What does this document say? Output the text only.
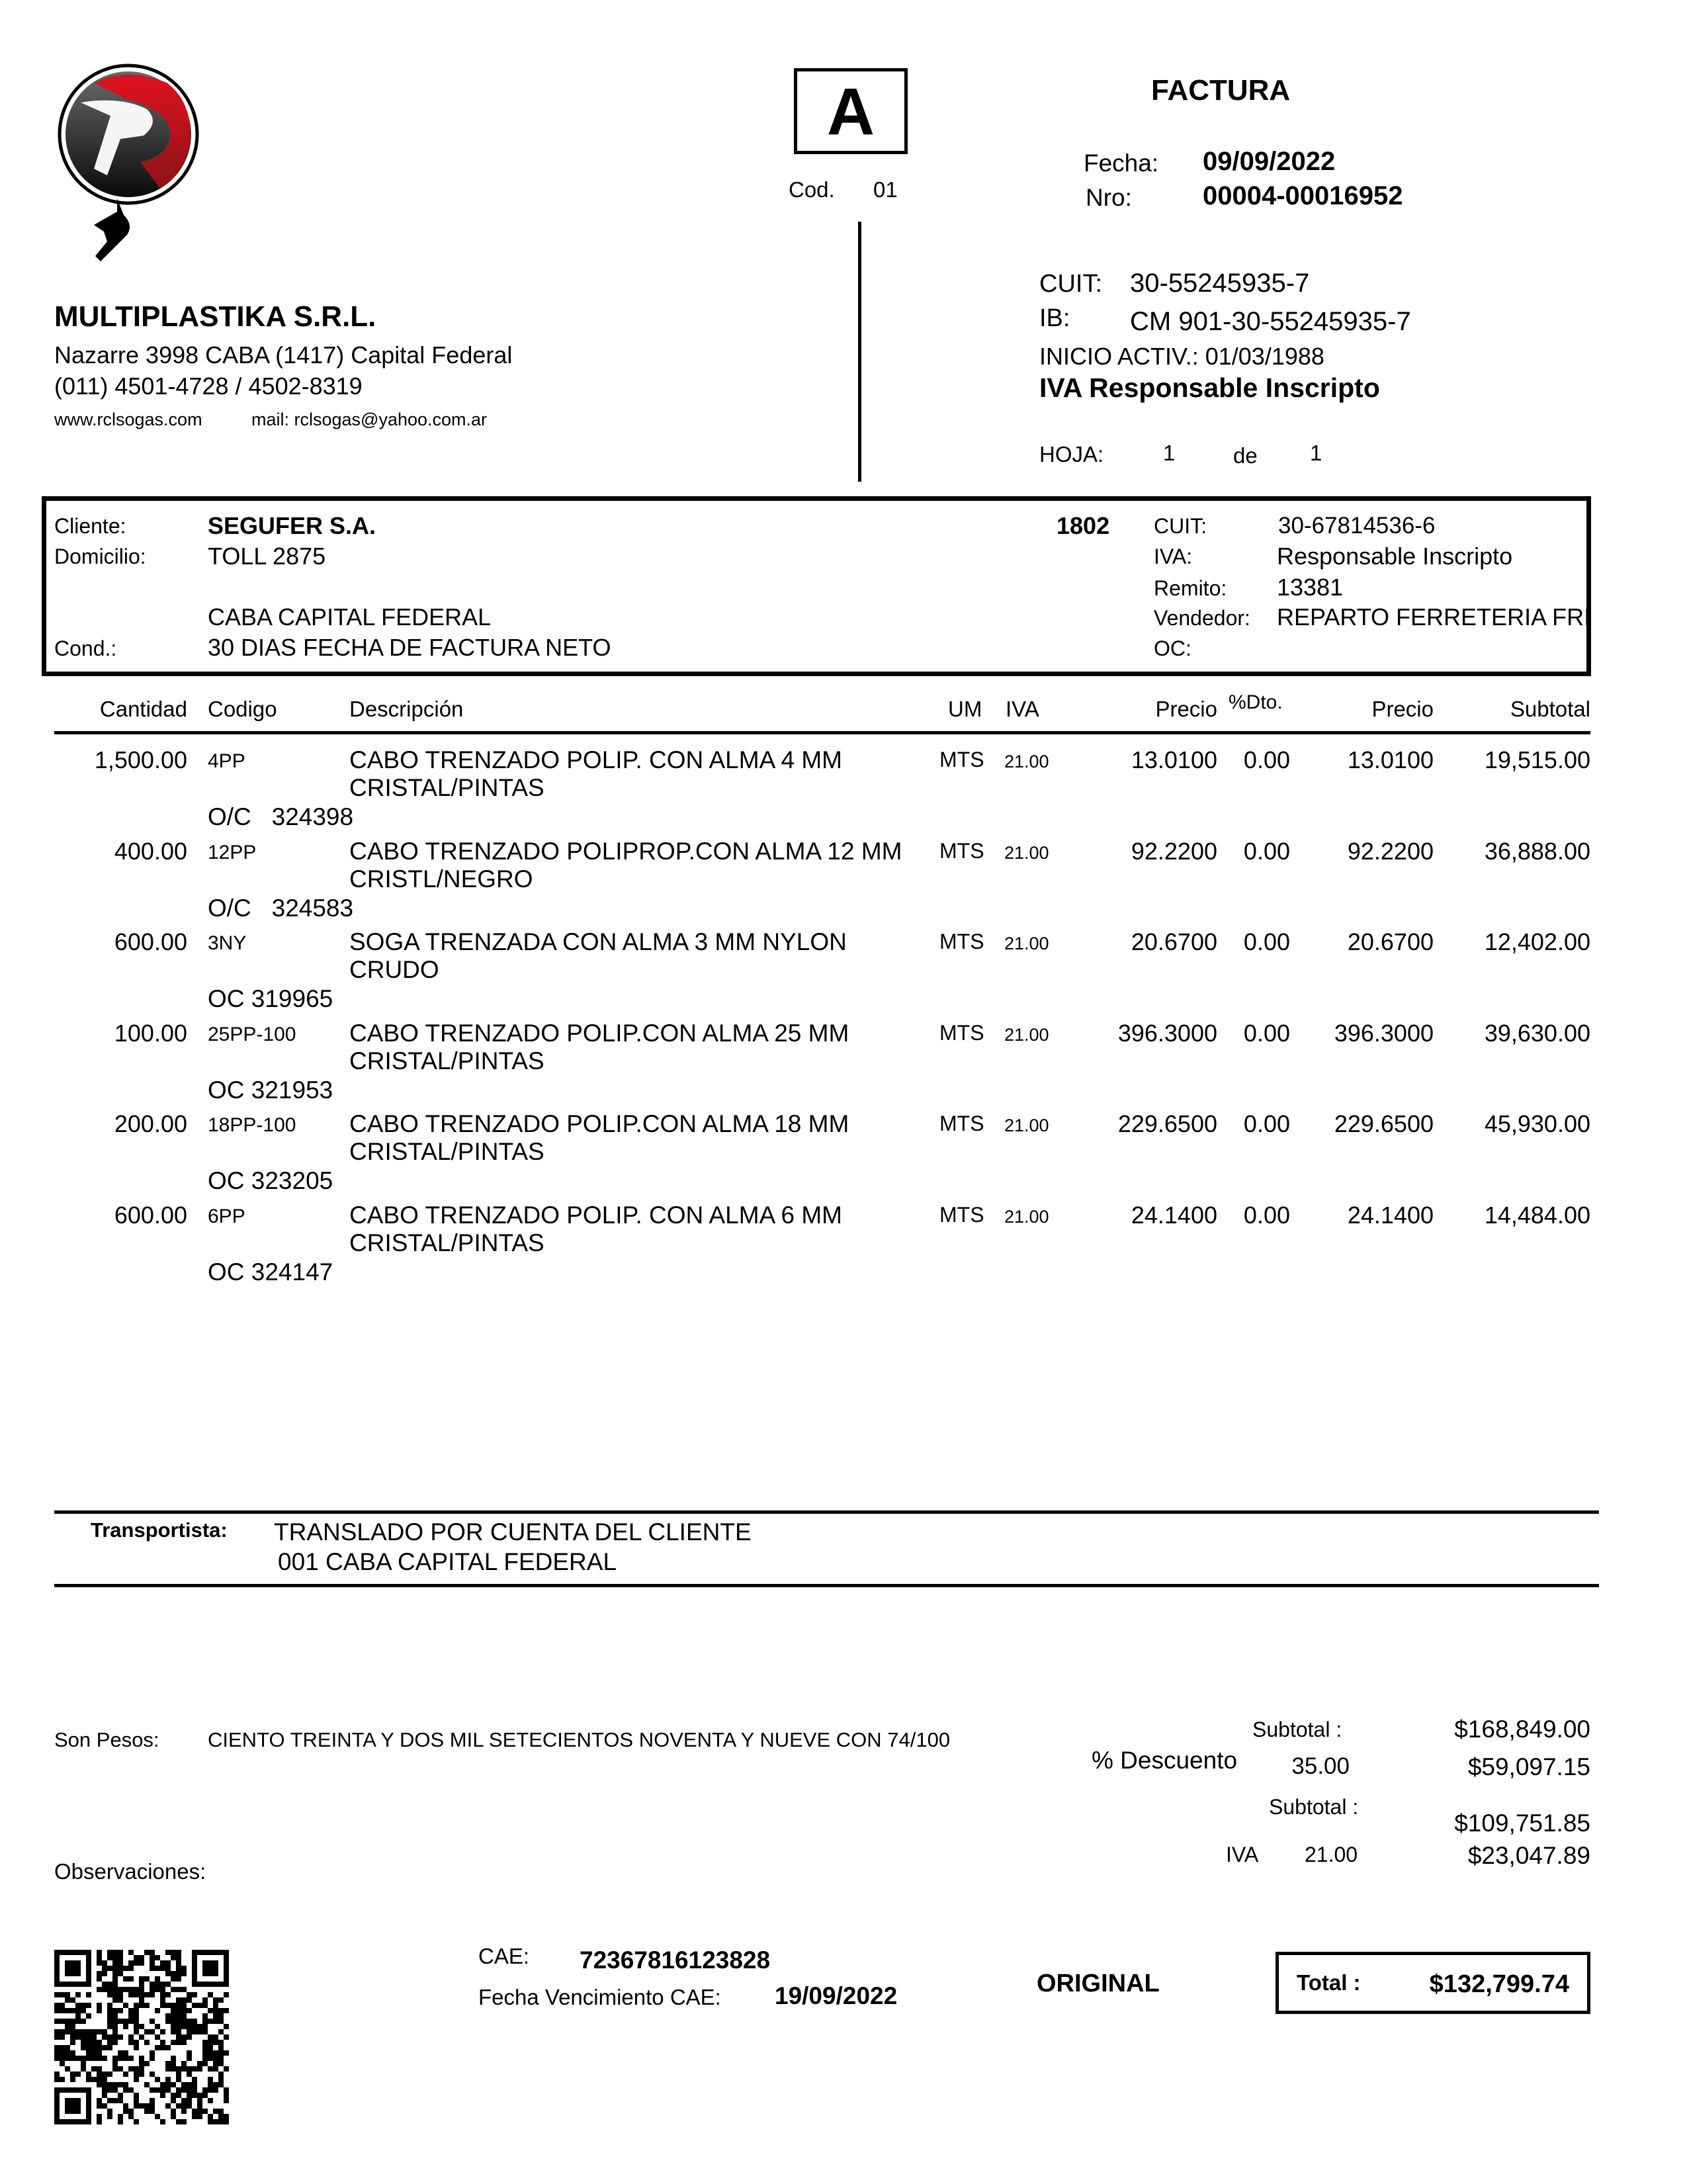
A
Cod. 01
FACTURA
Fecha: 09/09/2022
Nro:	00004-00016952
CUIT: 30-55245935-7
IB: CM 901-30-55245935-7
INICIO ACTIV.: 01/03/1988
IVA Responsable Inscripto
HOJA:	1	de 1
MULTIPLASTIKA S.R.L.
Nazarre 3998 CABA (1417) Capital Federal
(011) 4501-4728 / 4502-8319
www.rclsogas.com	mail: rclsogas@yahoo.com.ar
Cliente:	SEGUFER S.A.	1802
Domicilio:	TOLL 2875
CABA CAPITAL FEDERAL
Cond.:	30 DIAS FECHA DE FACTURA NETO
CUIT:	30-67814536-6
IVA:	Responsable Inscripto
Remito: 13381
Vendedor: REPARTO FERRETERIA FRI
OC:
Cantidad Codigo	Descripción	UM IVA	Precio %Dto.	Precio	Subtotal
1,500.00 4PP	CABO TRENZADO POLIP. CON ALMA 4 MM
CRISTAL/PINTAS
O/C   324398
MTS 21.00	13.0100 0.00	13.0100	19,515.00
400.00 12PP	CABO TRENZADO POLIPROP.CON ALMA 12 MM
CRISTL/NEGRO
O/C   324583
MTS 21.00	92.2200 0.00	92.2200	36,888.00
600.00 3NY	SOGA TRENZADA CON ALMA 3 MM NYLON
CRUDO
OC 319965
MTS 21.00	20.6700 0.00	20.6700	12,402.00
100.00 25PP-100 CABO TRENZADO POLIP.CON ALMA 25 MM
CRISTAL/PINTAS
OC 321953
MTS 21.00	396.3000 0.00	396.3000	39,630.00
200.00 18PP-100 CABO TRENZADO POLIP.CON ALMA 18 MM
CRISTAL/PINTAS
OC 323205
MTS 21.00	229.6500 0.00	229.6500	45,930.00
600.00 6PP	CABO TRENZADO POLIP. CON ALMA 6 MM
CRISTAL/PINTAS
OC 324147
MTS 21.00	24.1400 0.00	24.1400	14,484.00
Transportista: TRANSLADO POR CUENTA DEL CLIENTE
001 CABA CAPITAL FEDERAL
Son Pesos: CIENTO TREINTA Y DOS MIL SETECIENTOS NOVENTA Y NUEVE CON 74/100	Subtotal :	$168,849.00
% Descuento	35.00	$59,097.15
Subtotal :
$109,751.85
IVA 21.00	$23,047.89
Observaciones:
CAE: 72367816123828
Fecha Vencimiento CAE: 19/09/2022	ORIGINAL	Total :	$132,799.74
